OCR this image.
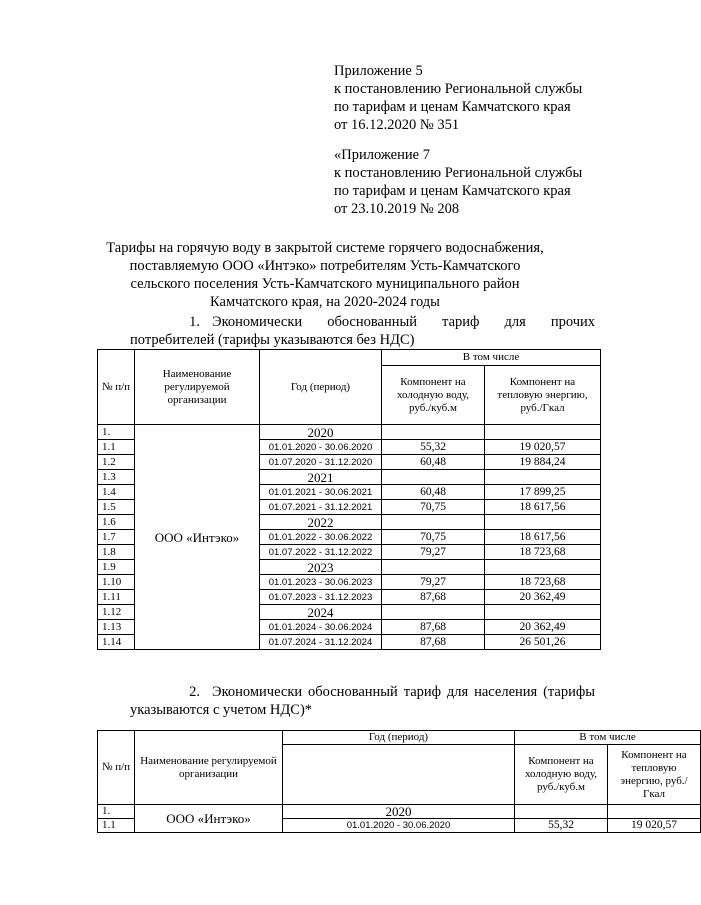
Приложение 5
к постановлению Региональной службы
по тарифам и ценам Камчатского края
от 16.12.2020 № 351
«Приложение 7
к постановлению Региональной службы
по тарифам и ценам Камчатского края
от 23.10.2019 № 208
Тарифы на горячую воду в закрытой системе горячего водоснабжения, поставляемую ООО «Интэко» потребителям Усть-Камчатского сельского поселения Усть-Камчатского муниципального район Камчатского края, на 2020-2024 годы
1. Экономически обоснованный тариф для прочих
потребителей (тарифы указываются без НДС)
№ п/п	Наименование регулируемой организации	Год (период)	В том числе	
			Компонент на холодную воду, руб./куб.м	Компонент на тепловую энергию, руб./Гкал
1.	ООО «Интэко»	2020		
1.1		01.01.2020 - 30.06.2020	55,32	19 020,57
1.2		01.07.2020 - 31.12.2020	60,48	19 884,24
1.3		2021		
1.4		01.01.2021 - 30.06.2021	60,48	17 899,25
1.5		01.07.2021 - 31.12.2021	70,75	18 617,56
1.6		2022		
1.7		01.01.2022 - 30.06.2022	70,75	18 617,56
1.8		01.07.2022 - 31.12.2022	79,27	18 723,68
1.9		2023		
1.10		01.01.2023 - 30.06.2023	79,27	18 723,68
1.11		01.07.2023 - 31.12.2023	87,68	20 362,49
1.12		2024		
1.13		01.01.2024 - 30.06.2024	87,68	20 362,49
1.14		01.07.2024 - 31.12.2024	87,68	26 501,26
2. Экономически обоснованный тариф для населения (тарифы
указываются с учетом НДС)*
№ п/п	Наименование регулируемой организации	Год (период)	В том числе	
			Компонент на холодную воду, руб./куб.м	Компонент на тепловую энергию, руб./Гкал
1.	ООО «Интэко»	2020		
1.1		01.01.2020 - 30.06.2020	55,32	19 020,57
